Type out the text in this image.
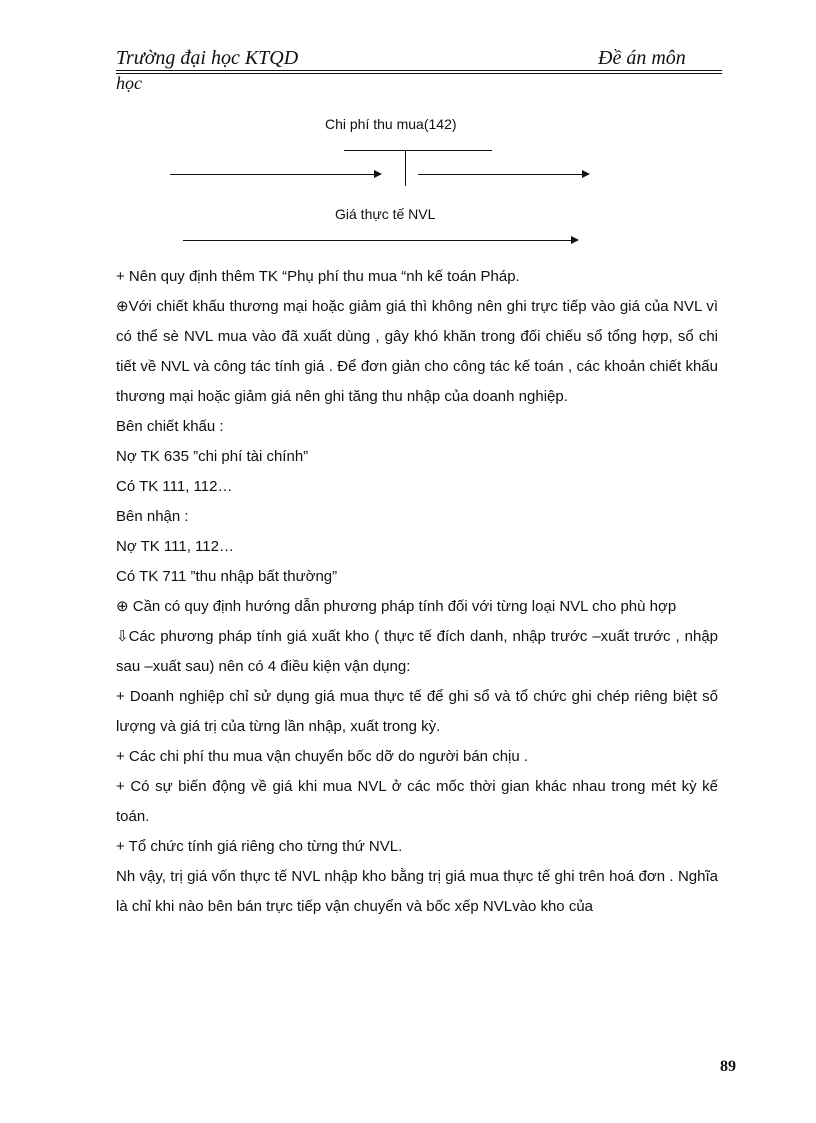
Trường đại học KTQD	Đề án môn
học
Chi phí thu mua(142)
Giá thực tế NVL

+ Nên quy định thêm TK “Phụ phí thu mua “nh kế toán Pháp.

⊕Với chiết khấu thương mại hoặc giảm giá thì không nên ghi trực tiếp vào giá của NVL vì có thể sè NVL mua vào đã xuất dùng , gây khó khăn trong đối chiếu sổ tổng hợp, sổ chi tiết về NVL và công tác tính giá . Để đơn giản cho công tác kế toán , các khoản chiết khấu thương mại hoặc giảm giá nên ghi tăng thu nhập của doanh nghiệp.

Bên chiết khấu :

Nợ TK 635 ”chi phí tài chính”

Có TK 111, 112…

Bên nhận :

Nợ TK 111, 112…

Có TK 711 ”thu nhập bất thường”

⊕ Cần có quy định hướng dẫn phương pháp tính đối với từng loại NVL cho phù hợp

⇩Các phương pháp tính giá xuất kho ( thực tế đích danh, nhập trước –xuất trước , nhập sau –xuất sau) nên có 4 điều kiện vận dụng:

+ Doanh nghiệp chỉ sử dụng giá mua thực tế để ghi sổ và tổ chức ghi chép riêng biệt số lượng và giá trị của từng lần nhập, xuất trong kỳ.

+ Các chi phí thu mua vận chuyển bốc dỡ do người bán chịu .

+ Có sự biến động về giá khi mua NVL ở các mốc thời gian khác nhau trong mét kỳ kế toán.

+ Tổ chức tính giá riêng cho từng thứ NVL.

Nh vậy, trị giá vốn thực tế NVL nhập kho bằng trị giá mua thực tế ghi trên hoá đơn . Nghĩa là chỉ khi nào bên bán trực tiếp vận chuyển và bốc xếp NVLvào kho của

89
